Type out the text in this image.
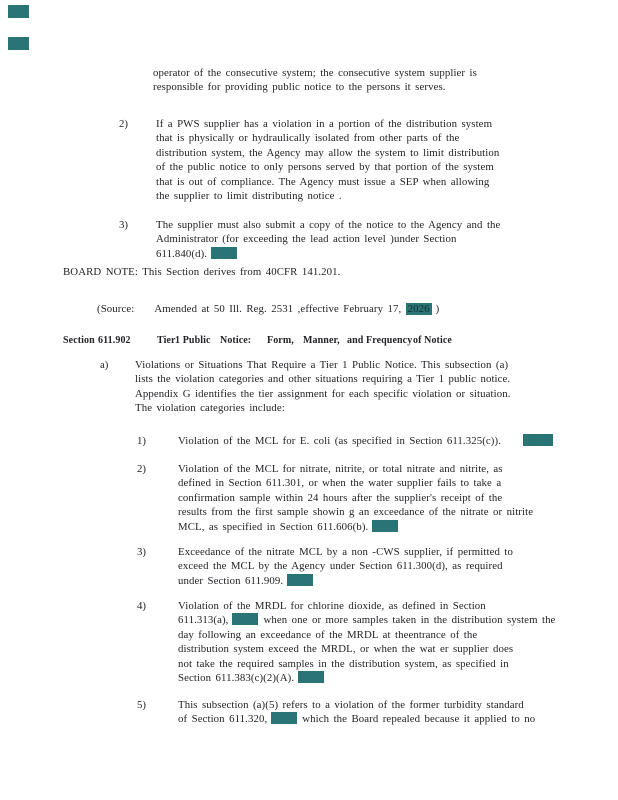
operator of the consecutive system; the consecutive system supplier is
responsible for providing public notice to the persons it serves.
2)	If a PWS supplier has a violation in a portion of the distribution system
that is physically or hydraulically isolated from other parts of the
distribution system, the Agency may allow the system to limit distribution
of the public notice to only persons served by that portion of the system
that is out of compliance. The Agency must issue a SEP when allowing
the supplier to limit distributing notice .
3)	The supplier must also submit a copy of the notice to the Agency and the
Administrator (for exceeding the lead action level )under Section
611.840(d).
BOARD NOTE: This Section derives from 40CFR 141.201.
(Source: Amended at 50 Ill. Reg. 2531 ,effective February 17, 2026 )
Section 611.902	Tier 1 Public Notice: Form, Manner, and Frequency of Notice
a) Violations or Situations That Require a Tier 1 Public Notice. This subsection (a)
lists the violation categories and other situations requiring a Tier 1 public notice.
Appendix G identifies the tier assignment for each specific violation or situation.
The violation categories include:
1)	Violation of the MCL for E. coli (as specified in Section 611.325(c)).
2)	Violation of the MCL for nitrate, nitrite, or total nitrate and nitrite, as
defined in Section 611.301, or when the water supplier fails to take a
confirmation sample within 24 hours after the supplier's receipt of the
results from the first sample showin g an exceedance of the nitrate or nitrite
MCL, as specified in Section 611.606(b).
3)	Exceedance of the nitrate MCL by a non -CWS supplier, if permitted to
exceed the MCL by the Agency under Section 611.300(d), as required
under Section 611.909.
4)	Violation of the MRDL for chlorine dioxide, as defined in Section
611.313(a),	when one or more samples taken in the distribution system the
day following an exceedance of the MRDL at theentrance of the
distribution system exceed the MRDL, or when the wat er supplier does
not take the required samples in the distribution system, as specified in
Section 611.383(c)(2)(A).
5)	This subsection (a)(5) refers to a violation of the former turbidity standard
of Section 611.320,	which the Board repealed because it applied to no
